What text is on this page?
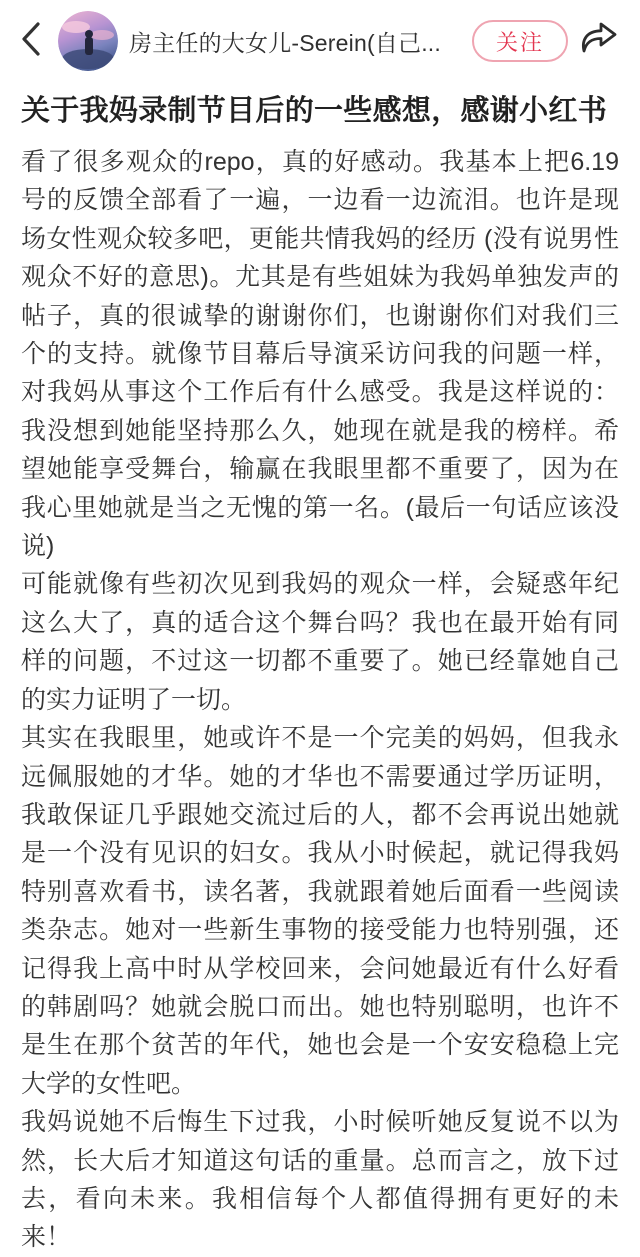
房主任的大女儿-Serein(自己...	关注
关于我妈录制节目后的一些感想，感谢小红书

看了很多观众的repo，真的好感动。我基本上把6.19号的反馈全部看了一遍，一边看一边流泪。也许是现场女性观众较多吧，更能共情我妈的经历 (没有说男性观众不好的意思)。尤其是有些姐妹为我妈单独发声的帖子，真的很诚挚的谢谢你们，也谢谢你们对我们三个的支持。就像节目幕后导演采访问我的问题一样，对我妈从事这个工作后有什么感受。我是这样说的：我没想到她能坚持那么久，她现在就是我的榜样。希望她能享受舞台，输赢在我眼里都不重要了，因为在我心里她就是当之无愧的第一名。(最后一句话应该没说)

可能就像有些初次见到我妈的观众一样，会疑惑年纪这么大了，真的适合这个舞台吗？我也在最开始有同样的问题，不过这一切都不重要了。她已经靠她自己的实力证明了一切。

其实在我眼里，她或许不是一个完美的妈妈，但我永远佩服她的才华。她的才华也不需要通过学历证明，我敢保证几乎跟她交流过后的人，都不会再说出她就是一个没有见识的妇女。我从小时候起，就记得我妈特别喜欢看书，读名著，我就跟着她后面看一些阅读类杂志。她对一些新生事物的接受能力也特别强，还记得我上高中时从学校回来，会问她最近有什么好看的韩剧吗？她就会脱口而出。她也特别聪明，也许不是生在那个贫苦的年代，她也会是一个安安稳稳上完大学的女性吧。

我妈说她不后悔生下过我，小时候听她反复说不以为然，长大后才知道这句话的重量。总而言之，放下过去，看向未来。我相信每个人都值得拥有更好的未来！
